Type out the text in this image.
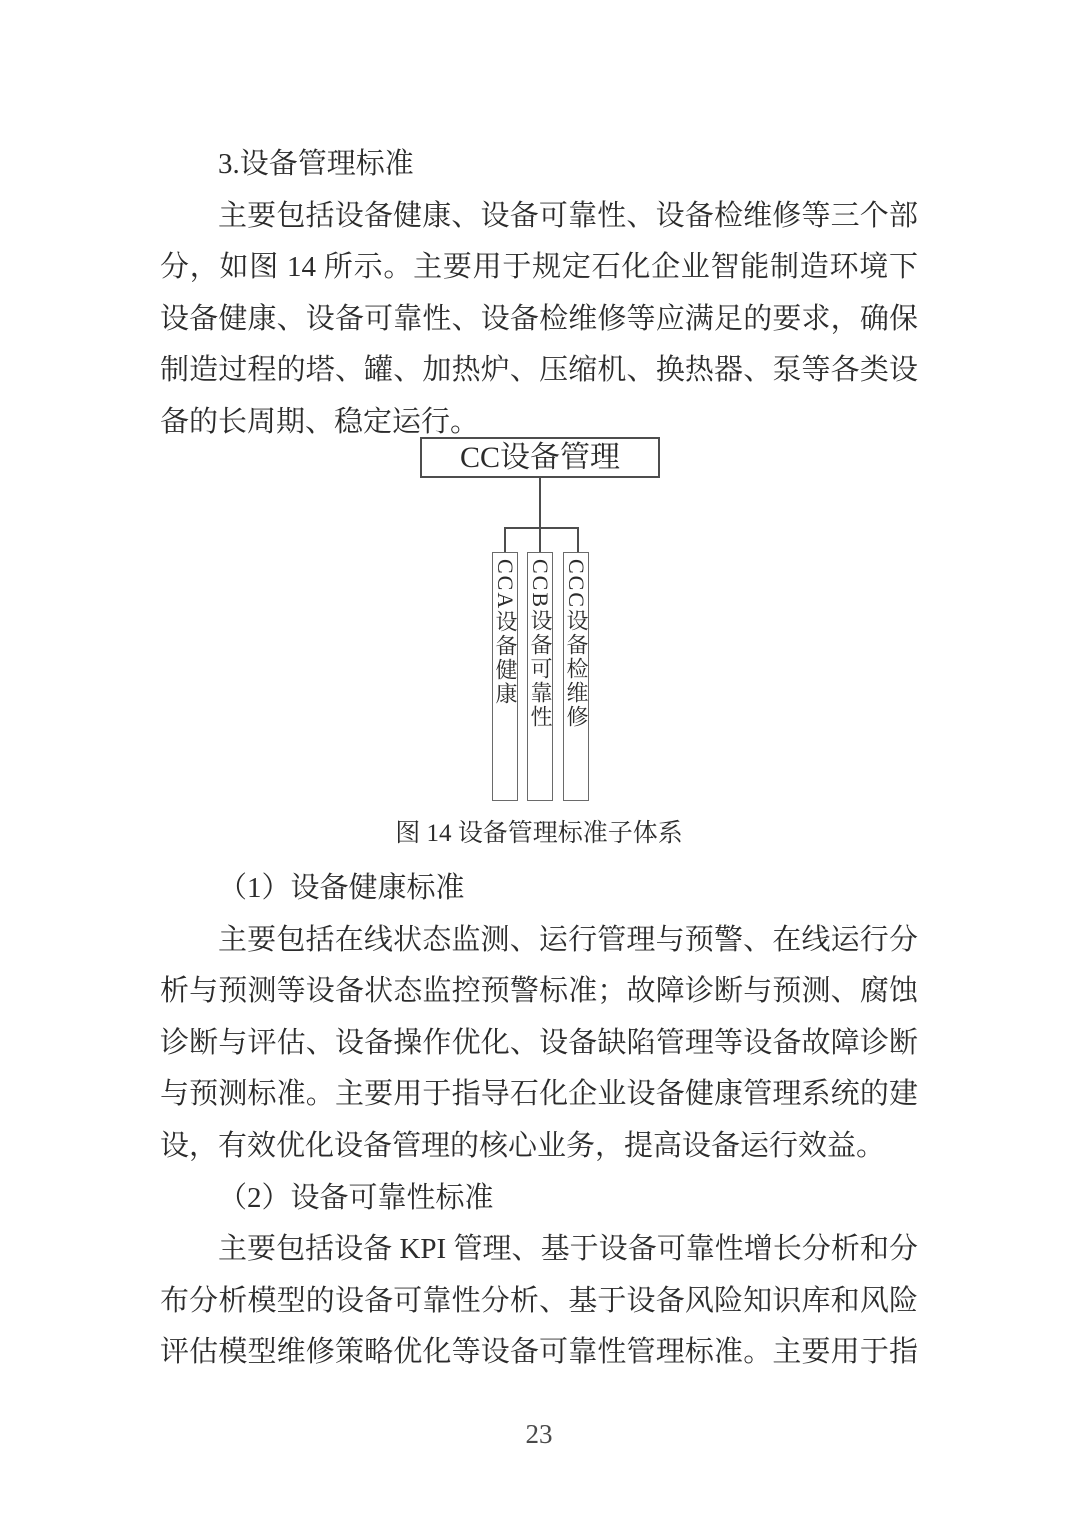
3.设备管理标准
主要包括设备健康、设备可靠性、设备检维修等三个部
分，如图 14 所示。主要用于规定石化企业智能制造环境下
设备健康、设备可靠性、设备检维修等应满足的要求，确保
制造过程的塔、罐、加热炉、压缩机、换热器、泵等各类设
备的长周期、稳定运行。
CC设备管理
CCA设备健康 CCB设备可靠性 CCC设备检维修
图 14 设备管理标准子体系
（1）设备健康标准
主要包括在线状态监测、运行管理与预警、在线运行分
析与预测等设备状态监控预警标准；故障诊断与预测、腐蚀
诊断与评估、设备操作优化、设备缺陷管理等设备故障诊断
与预测标准。主要用于指导石化企业设备健康管理系统的建
设，有效优化设备管理的核心业务，提高设备运行效益。
（2）设备可靠性标准
主要包括设备 KPI 管理、基于设备可靠性增长分析和分
布分析模型的设备可靠性分析、基于设备风险知识库和风险
评估模型维修策略优化等设备可靠性管理标准。主要用于指
23
